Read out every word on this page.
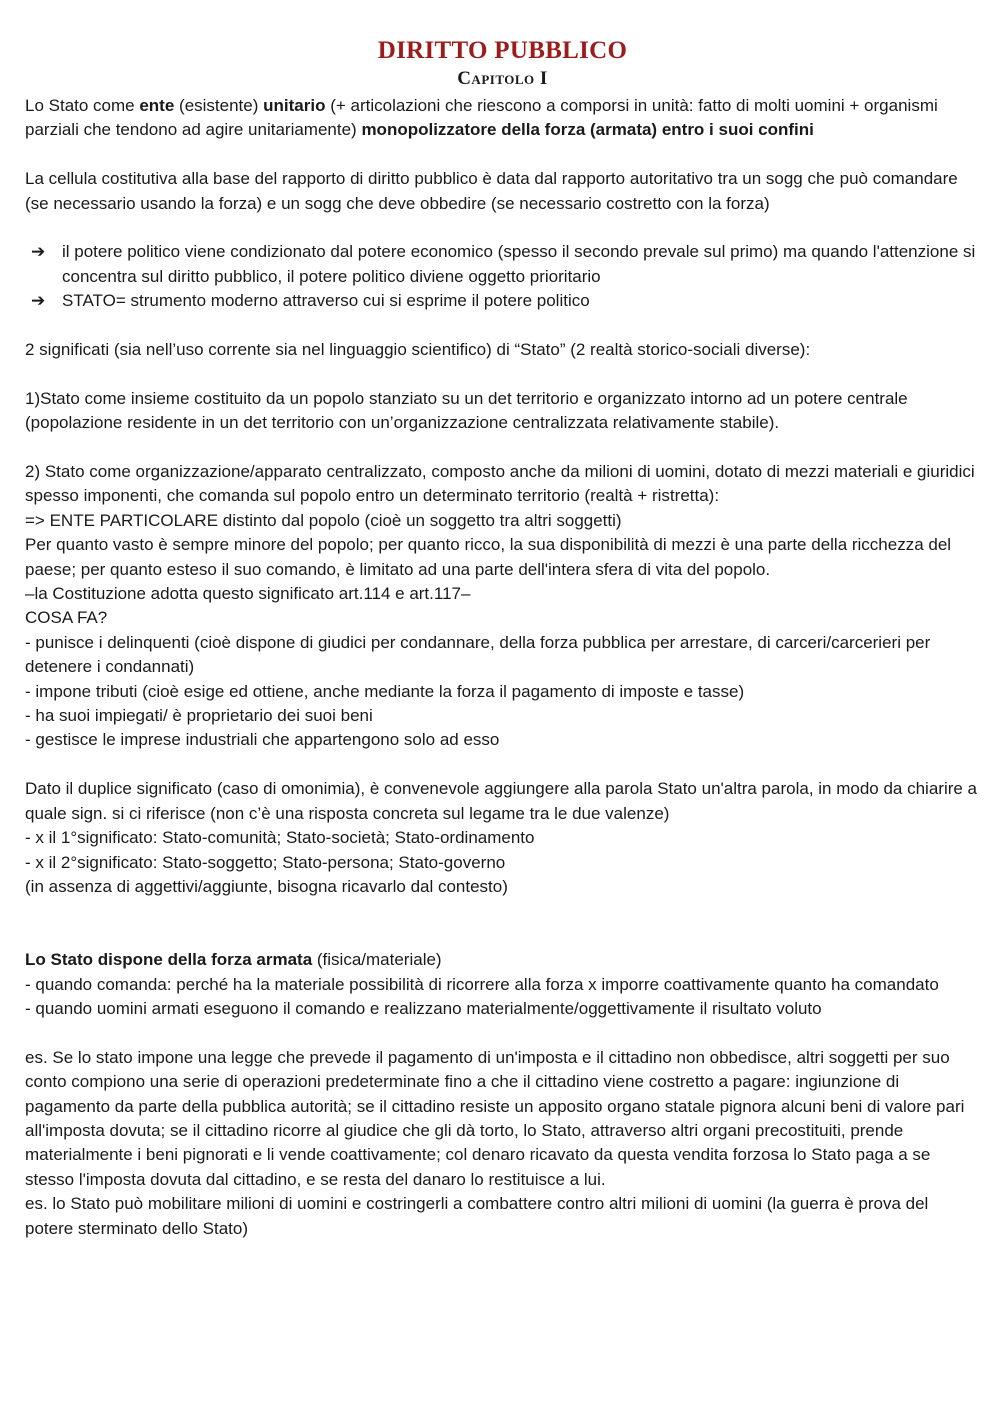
DIRITTO PUBBLICO
Capitolo I

Lo Stato come ente (esistente) unitario (+ articolazioni che riescono a comporsi in unità: fatto di molti uomini + organismi parziali che tendono ad agire unitariamente) monopolizzatore della forza (armata) entro i suoi confini

La cellula costitutiva alla base del rapporto di diritto pubblico è data dal rapporto autoritativo tra un sogg che può comandare (se necessario usando la forza) e un sogg che deve obbedire (se necessario costretto con la forza)

➔ il potere politico viene condizionato dal potere economico (spesso il secondo prevale sul primo) ma quando l'attenzione si concentra sul diritto pubblico, il potere politico diviene oggetto prioritario
➔ STATO= strumento moderno attraverso cui si esprime il potere politico

2 significati (sia nell’uso corrente sia nel linguaggio scientifico) di “Stato” (2 realtà storico-sociali diverse):

1)Stato come insieme costituito da un popolo stanziato su un det territorio e organizzato intorno ad un potere centrale (popolazione residente in un det territorio con un’organizzazione centralizzata relativamente stabile).

2) Stato come organizzazione/apparato centralizzato, composto anche da milioni di uomini, dotato di mezzi materiali e giuridici spesso imponenti, che comanda sul popolo entro un determinato territorio (realtà + ristretta):

=> ENTE PARTICOLARE distinto dal popolo (cioè un soggetto tra altri soggetti)

Per quanto vasto è sempre minore del popolo; per quanto ricco, la sua disponibilità di mezzi è una parte della ricchezza del paese; per quanto esteso il suo comando, è limitato ad una parte dell'intera sfera di vita del popolo.

–la Costituzione adotta questo significato art.114 e art.117–

COSA FA?

- punisce i delinquenti (cioè dispone di giudici per condannare, della forza pubblica per arrestare, di carceri/carcerieri per detenere i condannati)

- impone tributi (cioè esige ed ottiene, anche mediante la forza il pagamento di imposte e tasse)

- ha suoi impiegati/ è proprietario dei suoi beni

- gestisce le imprese industriali che appartengono solo ad esso

Dato il duplice significato (caso di omonimia), è convenevole aggiungere alla parola Stato un'altra parola, in modo da chiarire a quale sign. si ci riferisce (non c’è una risposta concreta sul legame tra le due valenze)

- x il 1°significato: Stato-comunità; Stato-società; Stato-ordinamento

- x il 2°significato: Stato-soggetto; Stato-persona; Stato-governo

(in assenza di aggettivi/aggiunte, bisogna ricavarlo dal contesto)

Lo Stato dispone della forza armata (fisica/materiale)

- quando comanda: perché ha la materiale possibilità di ricorrere alla forza x imporre coattivamente quanto ha comandato

- quando uomini armati eseguono il comando e realizzano materialmente/oggettivamente il risultato voluto

es. Se lo stato impone una legge che prevede il pagamento di un'imposta e il cittadino non obbedisce, altri soggetti per suo conto compiono una serie di operazioni predeterminate fino a che il cittadino viene costretto a pagare: ingiunzione di pagamento da parte della pubblica autorità; se il cittadino resiste un apposito organo statale pignora alcuni beni di valore pari all'imposta dovuta; se il cittadino ricorre al giudice che gli dà torto, lo Stato, attraverso altri organi precostituiti, prende materialmente i beni pignorati e li vende coattivamente; col denaro ricavato da questa vendita forzosa lo Stato paga a se stesso l'imposta dovuta dal cittadino, e se resta del danaro lo restituisce a lui.

es. lo Stato può mobilitare milioni di uomini e costringerli a combattere contro altri milioni di uomini (la guerra è prova del potere sterminato dello Stato)
